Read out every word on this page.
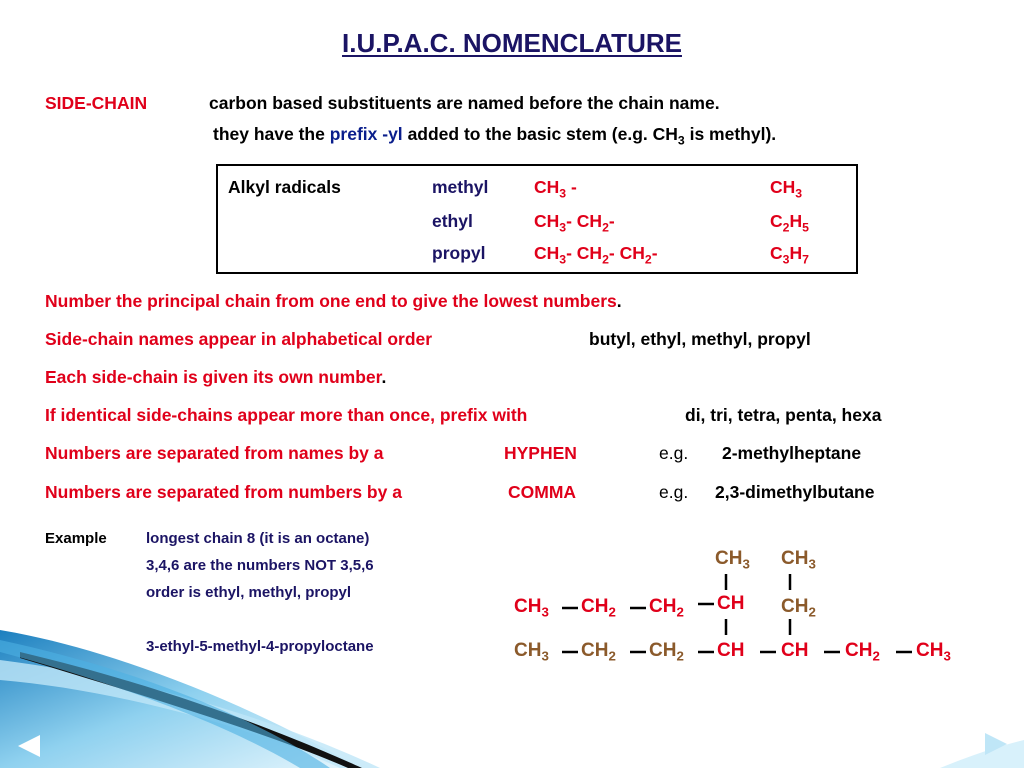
I.U.P.A.C. NOMENCLATURE
SIDE-CHAIN	carbon based substituents are named before the chain name.
they have the prefix -yl added to the basic stem (e.g. $CH_3$ is methyl).
Alkyl radicals	methyl	$CH_3$ -	$CH_3$
ethyl	$CH_3-$ $CH_2-$	$C_2H_5$
propyl	$CH_3-$ $CH_2-$ $CH_2-$	$C_3H_7$
Number the principal chain from one end to give the lowest numbers.
Side-chain names appear in alphabetical order	butyl, ethyl, methyl, propyl
Each side-chain is given its own number.
If identical side-chains appear more than once, prefix with	di, tri, tetra, penta, hexa
Numbers are separated from names by a	HYPHEN	e.g. 2-methylheptane
Numbers are separated from numbers by a	COMMA	e.g. 2,3-dimethylbutane
Example	longest chain 8 (it is an octane)
3,4,6 are the numbers NOT 3,5,6
order is ethyl, methyl, propyl
3-ethyl-5-methyl-4-propyloctane
$CH_3$ $CH_3$
$CH_3$ $CH_2$ $CH_2$ CH $CH_2$
$CH_3$ $CH_2$ $CH_2$ CH CH $CH_2$ $CH_3$
